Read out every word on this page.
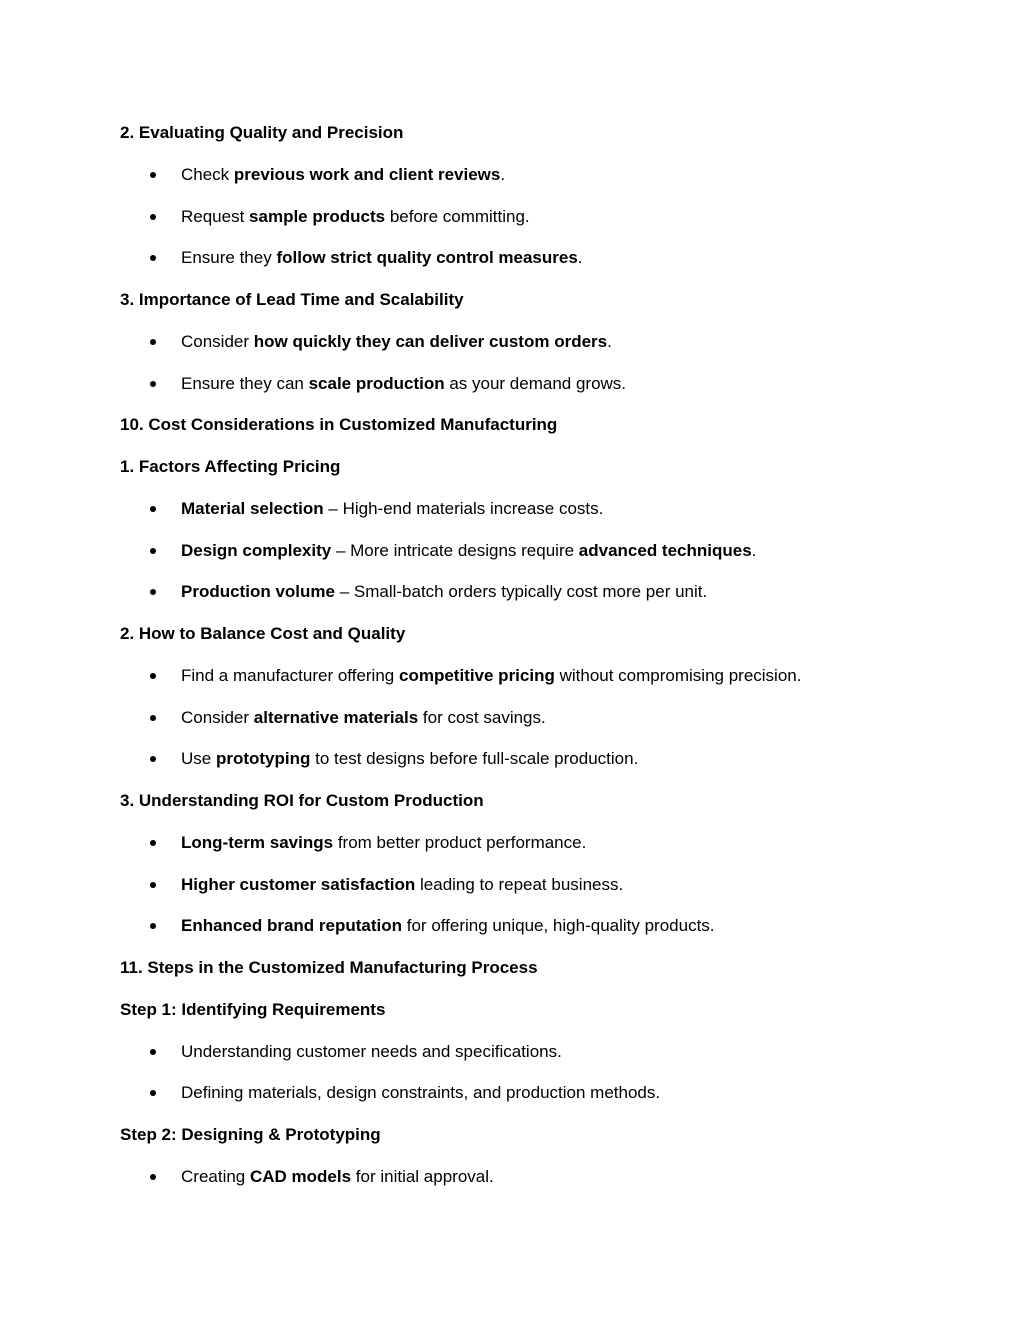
2. Evaluating Quality and Precision
Check previous work and client reviews.
Request sample products before committing.
Ensure they follow strict quality control measures.
3. Importance of Lead Time and Scalability
Consider how quickly they can deliver custom orders.
Ensure they can scale production as your demand grows.
10. Cost Considerations in Customized Manufacturing
1. Factors Affecting Pricing
Material selection – High-end materials increase costs.
Design complexity – More intricate designs require advanced techniques.
Production volume – Small-batch orders typically cost more per unit.
2. How to Balance Cost and Quality
Find a manufacturer offering competitive pricing without compromising precision.
Consider alternative materials for cost savings.
Use prototyping to test designs before full-scale production.
3. Understanding ROI for Custom Production
Long-term savings from better product performance.
Higher customer satisfaction leading to repeat business.
Enhanced brand reputation for offering unique, high-quality products.
11. Steps in the Customized Manufacturing Process
Step 1: Identifying Requirements
Understanding customer needs and specifications.
Defining materials, design constraints, and production methods.
Step 2: Designing & Prototyping
Creating CAD models for initial approval.
